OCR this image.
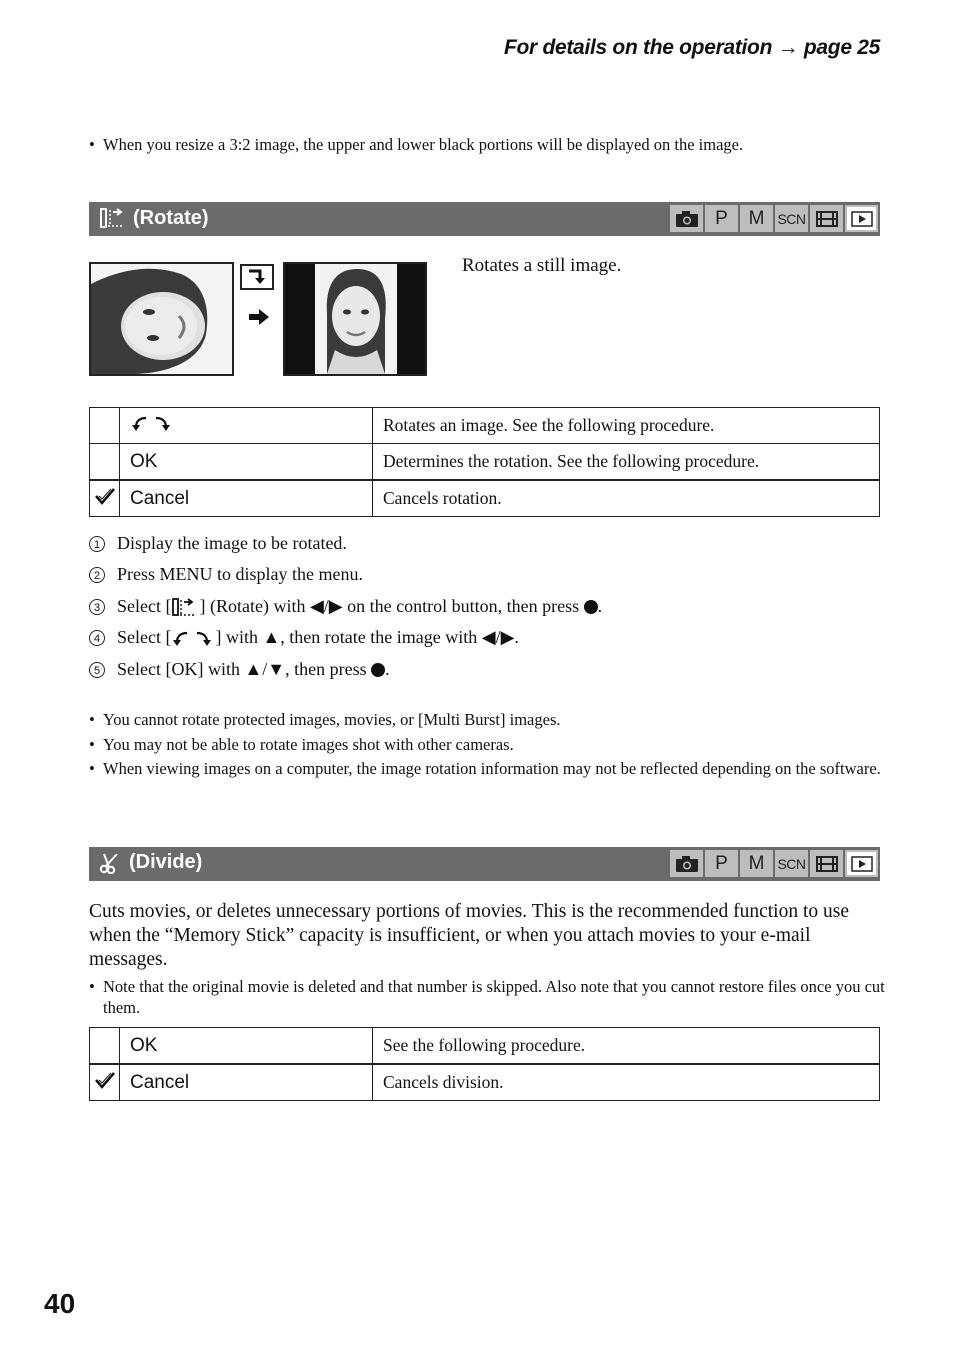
For details on the operation → page 25
• When you resize a 3:2 image, the upper and lower black portions will be displayed on the image.
(Rotate)	P	M SCN
Rotates a still image.
		Rotates an image. See the following procedure.
	OK	Determines the rotation. See the following procedure.
	Cancel	Cancels rotation.
1 Display the image to be rotated.
2 Press MENU to display the menu.
3 Select [ ] (Rotate) with ◀/▶ on the control button, then press
.
4 Select [ ] with ▲, then rotate the image with ◀/▶.
5 Select [OK] with ▲/▼, then press
.
• You cannot rotate protected images, movies, or [Multi Burst] images.
• You may not be able to rotate images shot with other cameras.
• When viewing images on a computer, the image rotation information may not be reflected depending on the software.
(Divide)	P	M SCN
Cuts movies, or deletes unnecessary portions of movies. This is the recommended function to use when the “Memory Stick” capacity is insufficient, or when you attach movies to your e-mail messages.
• Note that the original movie is deleted and that number is skipped. Also note that you cannot restore files once you cut them.
	OK	See the following procedure.
	Cancel	Cancels division.
40
